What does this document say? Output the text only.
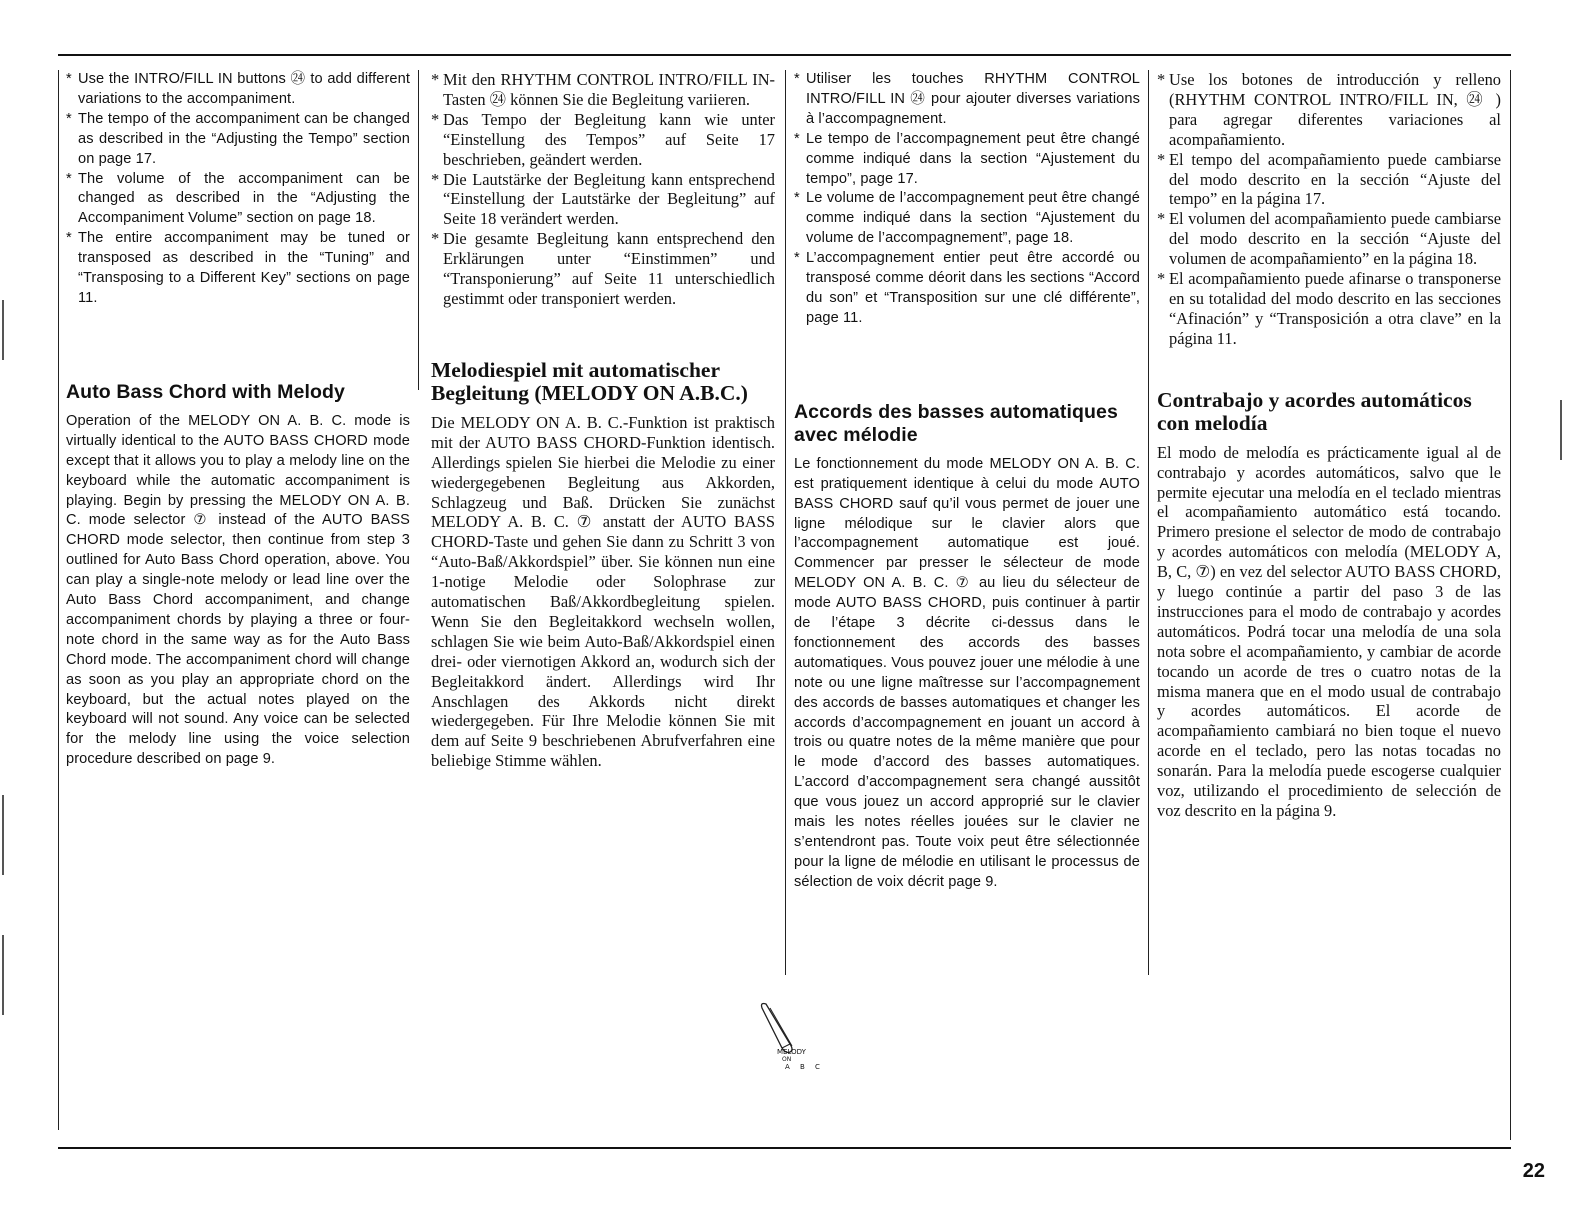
* Use the INTRO/FILL IN buttons ㉔ to add different variations to the accompaniment.

* The tempo of the accompaniment can be changed as described in the “Adjusting the Tempo” section on page 17.

* The volume of the accompaniment can be changed as described in the “Adjusting the Accompaniment Volume” section on page 18.

* The entire accompaniment may be tuned or transposed as described in the “Tuning” and “Transposing to a Different Key” sections on page 11.

Auto Bass Chord with Melody

Operation of the MELODY ON A. B. C. mode is virtually identical to the AUTO BASS CHORD mode except that it allows you to play a melody line on the keyboard while the automatic accompaniment is playing. Begin by pressing the MELODY ON A. B. C. mode selector ⑦ instead of the AUTO BASS CHORD mode selector, then continue from step 3 outlined for Auto Bass Chord operation, above. You can play a single-note melody or lead line over the Auto Bass Chord accompaniment, and change accompaniment chords by playing a three or four-note chord in the same way as for the Auto Bass Chord mode. The accompaniment chord will change as soon as you play an appropriate chord on the keyboard, but the actual notes played on the keyboard will not sound. Any voice can be selected for the melody line using the voice selection procedure described on page 9.

* Mit den RHYTHM CONTROL INTRO/FILL IN-Tasten ㉔ können Sie die Begleitung variieren.

* Das Tempo der Begleitung kann wie unter “Einstellung des Tempos” auf Seite 17 beschrieben, geändert werden.

* Die Lautstärke der Begleitung kann entsprechend “Einstellung der Lautstärke der Begleitung” auf Seite 18 verändert werden.

* Die gesamte Begleitung kann entsprechend den Erklärungen unter “Einstimmen” und “Transponierung” auf Seite 11 unterschiedlich gestimmt oder transponiert werden.

Melodiespiel mit automatischer Begleitung (MELODY ON A.B.C.)

Die MELODY ON A. B. C.-Funktion ist praktisch mit der AUTO BASS CHORD-Funktion identisch. Allerdings spielen Sie hierbei die Melodie zu einer wiedergegebenen Begleitung aus Akkorden, Schlagzeug und Baß. Drücken Sie zunächst MELODY A. B. C. ⑦ anstatt der AUTO BASS CHORD-Taste und gehen Sie dann zu Schritt 3 von “Auto-Baß/Akkordspiel” über. Sie können nun eine 1-notige Melodie oder Solophrase zur automatischen Baß/Akkordbegleitung spielen. Wenn Sie den Begleitakkord wechseln wollen, schlagen Sie wie beim Auto-Baß/Akkordspiel einen drei- oder viernotigen Akkord an, wodurch sich der Begleitakkord ändert. Allerdings wird Ihr Anschlagen des Akkords nicht direkt wiedergegeben. Für Ihre Melodie können Sie mit dem auf Seite 9 beschriebenen Abrufverfahren eine beliebige Stimme wählen.

* Utiliser les touches RHYTHM CONTROL INTRO/FILL IN ㉔ pour ajouter diverses variations à l’accompagnement.

* Le tempo de l’accompagnement peut être changé comme indiqué dans la section “Ajustement du tempo”, page 17.

* Le volume de l’accompagnement peut être changé comme indiqué dans la section “Ajustement du volume de l’accompagnement”, page 18.

* L’accompagnement entier peut être accordé ou transposé comme déorit dans les sections “Accord du son” et “Transposition sur une clé différente”, page 11.

Accords des basses automatiques avec mélodie

Le fonctionnement du mode MELODY ON A. B. C. est pratiquement identique à celui du mode AUTO BASS CHORD sauf qu’il vous permet de jouer une ligne mélodique sur le clavier alors que l’accompagnement automatique est joué. Commencer par presser le sélecteur de mode MELODY ON A. B. C. ⑦ au lieu du sélecteur de mode AUTO BASS CHORD, puis continuer à partir de l’étape 3 décrite ci-dessus dans le fonctionnement des accords des basses automatiques. Vous pouvez jouer une mélodie à une note ou une ligne maîtresse sur l’accompagnement des accords de basses automatiques et changer les accords d’accompagnement en jouant un accord à trois ou quatre notes de la même manière que pour le mode d’accord des basses automatiques. L’accord d’accompagnement sera changé aussitôt que vous jouez un accord approprié sur le clavier mais les notes réelles jouées sur le clavier ne s’entendront pas. Toute voix peut être sélectionnée pour la ligne de mélodie en utilisant le processus de sélection de voix décrit page 9.

* Use los botones de introducción y relleno (RHYTHM CONTROL INTRO/FILL IN, ㉔ ) para agregar diferentes variaciones al acompañamiento.

* El tempo del acompañamiento puede cambiarse del modo descrito en la sección “Ajuste del tempo” en la página 17.

* El volumen del acompañamiento puede cambiarse del modo descrito en la sección “Ajuste del volumen de acompañamiento” en la página 18.

* El acompañamiento puede afinarse o transponerse en su totalidad del modo descrito en las secciones “Afinación” y “Transposición a otra clave” en la página 11.

Contrabajo y acordes automáticos con melodía

El modo de melodía es prácticamente igual al de contrabajo y acordes automáticos, salvo que le permite ejecutar una melodía en el teclado mientras el acompañamiento automático está tocando. Primero presione el selector de modo de contrabajo y acordes automáticos con melodía (MELODY A, B, C, ⑦) en vez del selector AUTO BASS CHORD, y luego continúe a partir del paso 3 de las instrucciones para el modo de contrabajo y acordes automáticos. Podrá tocar una melodía de una sola nota sobre el acompañamiento, y cambiar de acorde tocando un acorde de tres o cuatro notas de la misma manera que en el modo usual de contrabajo y acordes automáticos. El acorde de acompañamiento cambiará no bien toque el nuevo acorde en el teclado, pero las notas tocadas no sonarán. Para la melodía puede escogerse cualquier voz, utilizando el procedimiento de selección de voz descrito en la página 9.

MELODY
ON
A B C
22
